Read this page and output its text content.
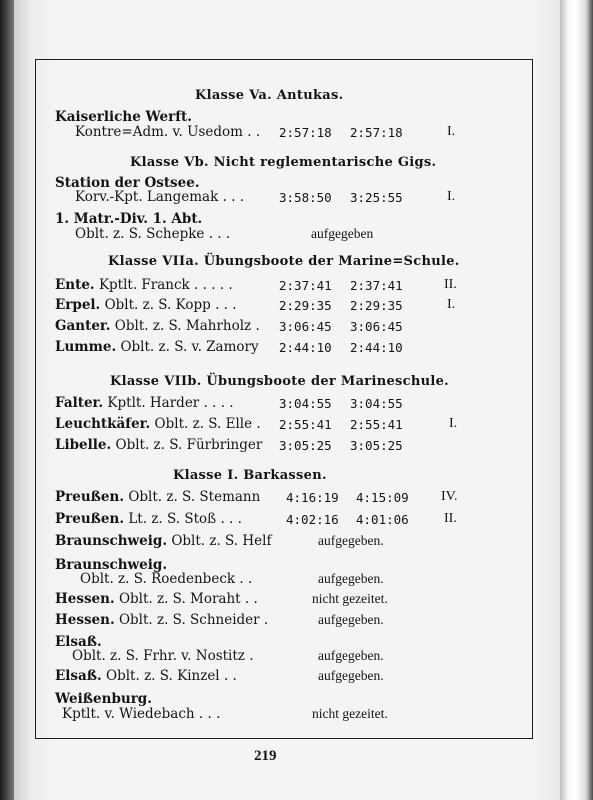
Klasse Va. Antukas.
Kaiserliche Werft.
Kontre=Adm. v. Usedom . . 2:57:18 2:57:18	I.
Klasse Vb. Nicht reglementarische Gigs.
Station der Ostsee.
Korv.-Kpt. Langemak . . .	3:58:50 3:25:55	I.
1. Matr.-Div. 1. Abt.
Oblt. z. S. Schepke . . .	aufgegeben
Klasse VIIa. Übungsboote der Marine=Schule.
Ente. Kptlt. Franck . . . . .	2:37:41 2:37:41	II.
Erpel. Oblt. z. S. Kopp . . .	2:29:35 2:29:35	I.
Ganter. Oblt. z. S. Mahrholz . 3:06:45 3:06:45
Lumme. Oblt. z. S. v. Zamory 2:44:10 2:44:10
Klasse VIIb. Übungsboote der Marineschule.
Falter. Kptlt. Harder . . . .	3:04:55 3:04:55
Leuchtkäfer. Oblt. z. S. Elle . 2:55:41 2:55:41	I.
Libelle. Oblt. z. S. Fürbringer 3:05:25 3:05:25
Klasse I. Barkassen.
Preußen. Oblt. z. S. Stemann 4:16:19 4:15:09 IV.
Preußen. Lt. z. S. Stoß . . .	4:02:16 4:01:06	II.
Braunschweig. Oblt. z. S. Helf	aufgegeben.
Braunschweig.
Oblt. z. S. Roedenbeck . .	aufgegeben.
Hessen. Oblt. z. S. Moraht . .	nicht gezeitet.
Hessen. Oblt. z. S. Schneider .	aufgegeben.
Elsaß.
Oblt. z. S. Frhr. v. Nostitz .	aufgegeben.
Elsaß. Oblt. z. S. Kinzel . .	aufgegeben.
Weißenburg.
Kptlt. v. Wiedebach . . .	nicht gezeitet.
219
